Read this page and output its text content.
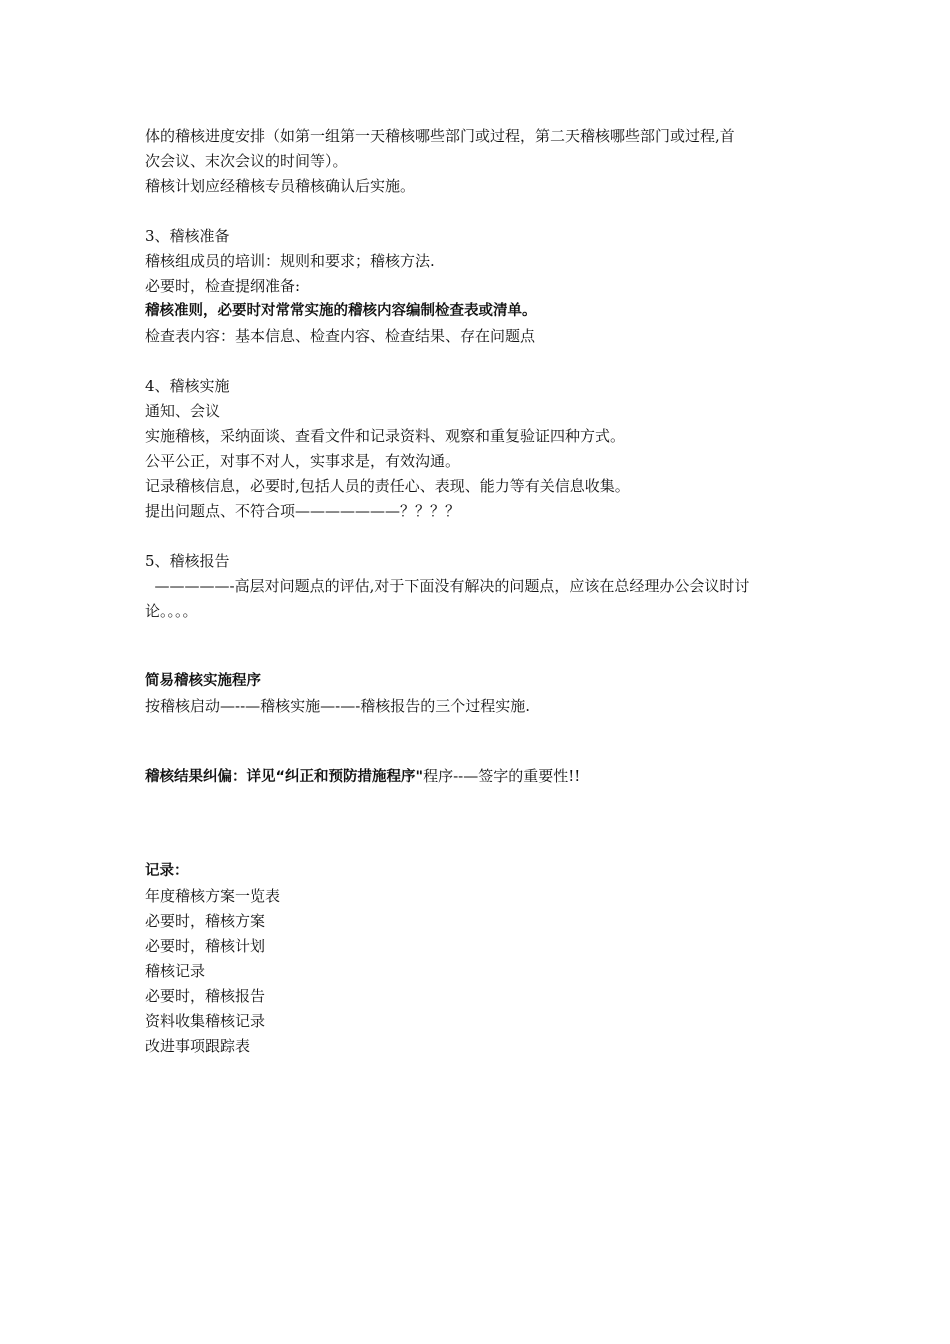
体的稽核进度安排（如第一组第一天稽核哪些部门或过程，第二天稽核哪些部门或过程,首
次会议、末次会议的时间等）。
稽核计划应经稽核专员稽核确认后实施。
3、稽核准备
稽核组成员的培训：规则和要求；稽核方法.
必要时，检查提纲准备:
稽核准则，必要时对常常实施的稽核内容编制检查表或清单。
检查表内容：基本信息、检查内容、检查结果、存在问题点
4、稽核实施
通知、会议
实施稽核，采纳面谈、查看文件和记录资料、观察和重复验证四种方式。
公平公正，对事不对人，实事求是，有效沟通。
记录稽核信息，必要时,包括人员的责任心、表现、能力等有关信息收集。
提出问题点、不符合项———————？？？？
5、稽核报告
—————-高层对问题点的评估,对于下面没有解决的问题点，应该在总经理办公会议时讨
论。。。。
简易稽核实施程序
按稽核启动—--—稽核实施—-—-稽核报告的三个过程实施.
稽核结果纠偏：详见“纠正和预防措施程序"程序--—签字的重要性!!
记录：
年度稽核方案一览表
必要时，稽核方案
必要时，稽核计划
稽核记录
必要时，稽核报告
资料收集稽核记录
改进事项跟踪表
